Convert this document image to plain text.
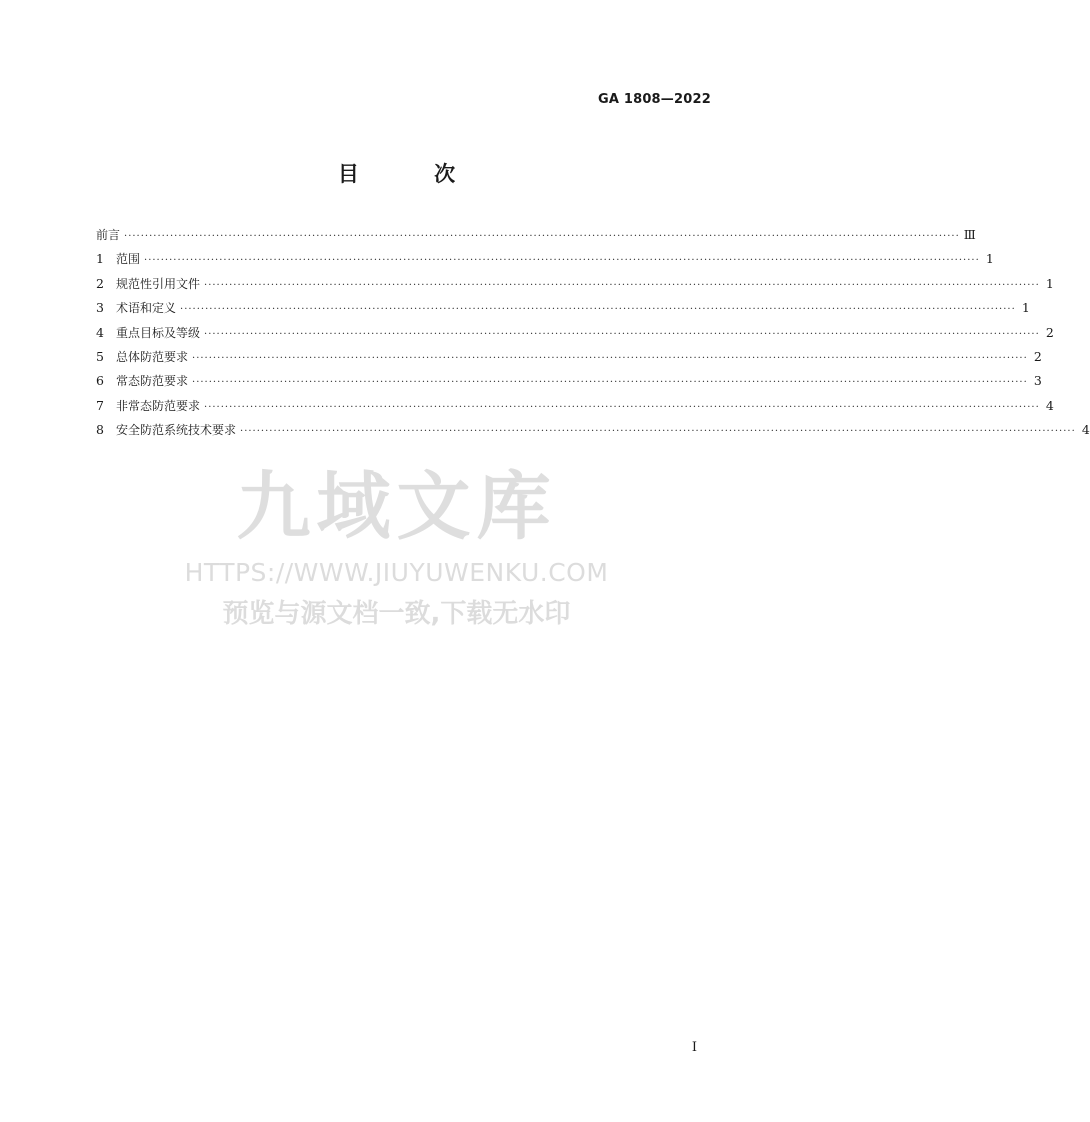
GA 1808—2022
目 次
前言 ········································································································································································································ Ⅲ
1	范围 ········································································································································································································ 1
2	规范性引用文件 ········································································································································································································ 1
3	术语和定义 ········································································································································································································ 1
4	重点目标及等级 ········································································································································································································ 2
5	总体防范要求 ········································································································································································································ 2
6	常态防范要求 ········································································································································································································ 3
7	非常态防范要求 ········································································································································································································ 4
8	安全防范系统技术要求 ········································································································································································································ 4
九域文库
HTTPS://WWW.JIUYUWENKU.COM
预览与源文档一致,下载无水印
I
